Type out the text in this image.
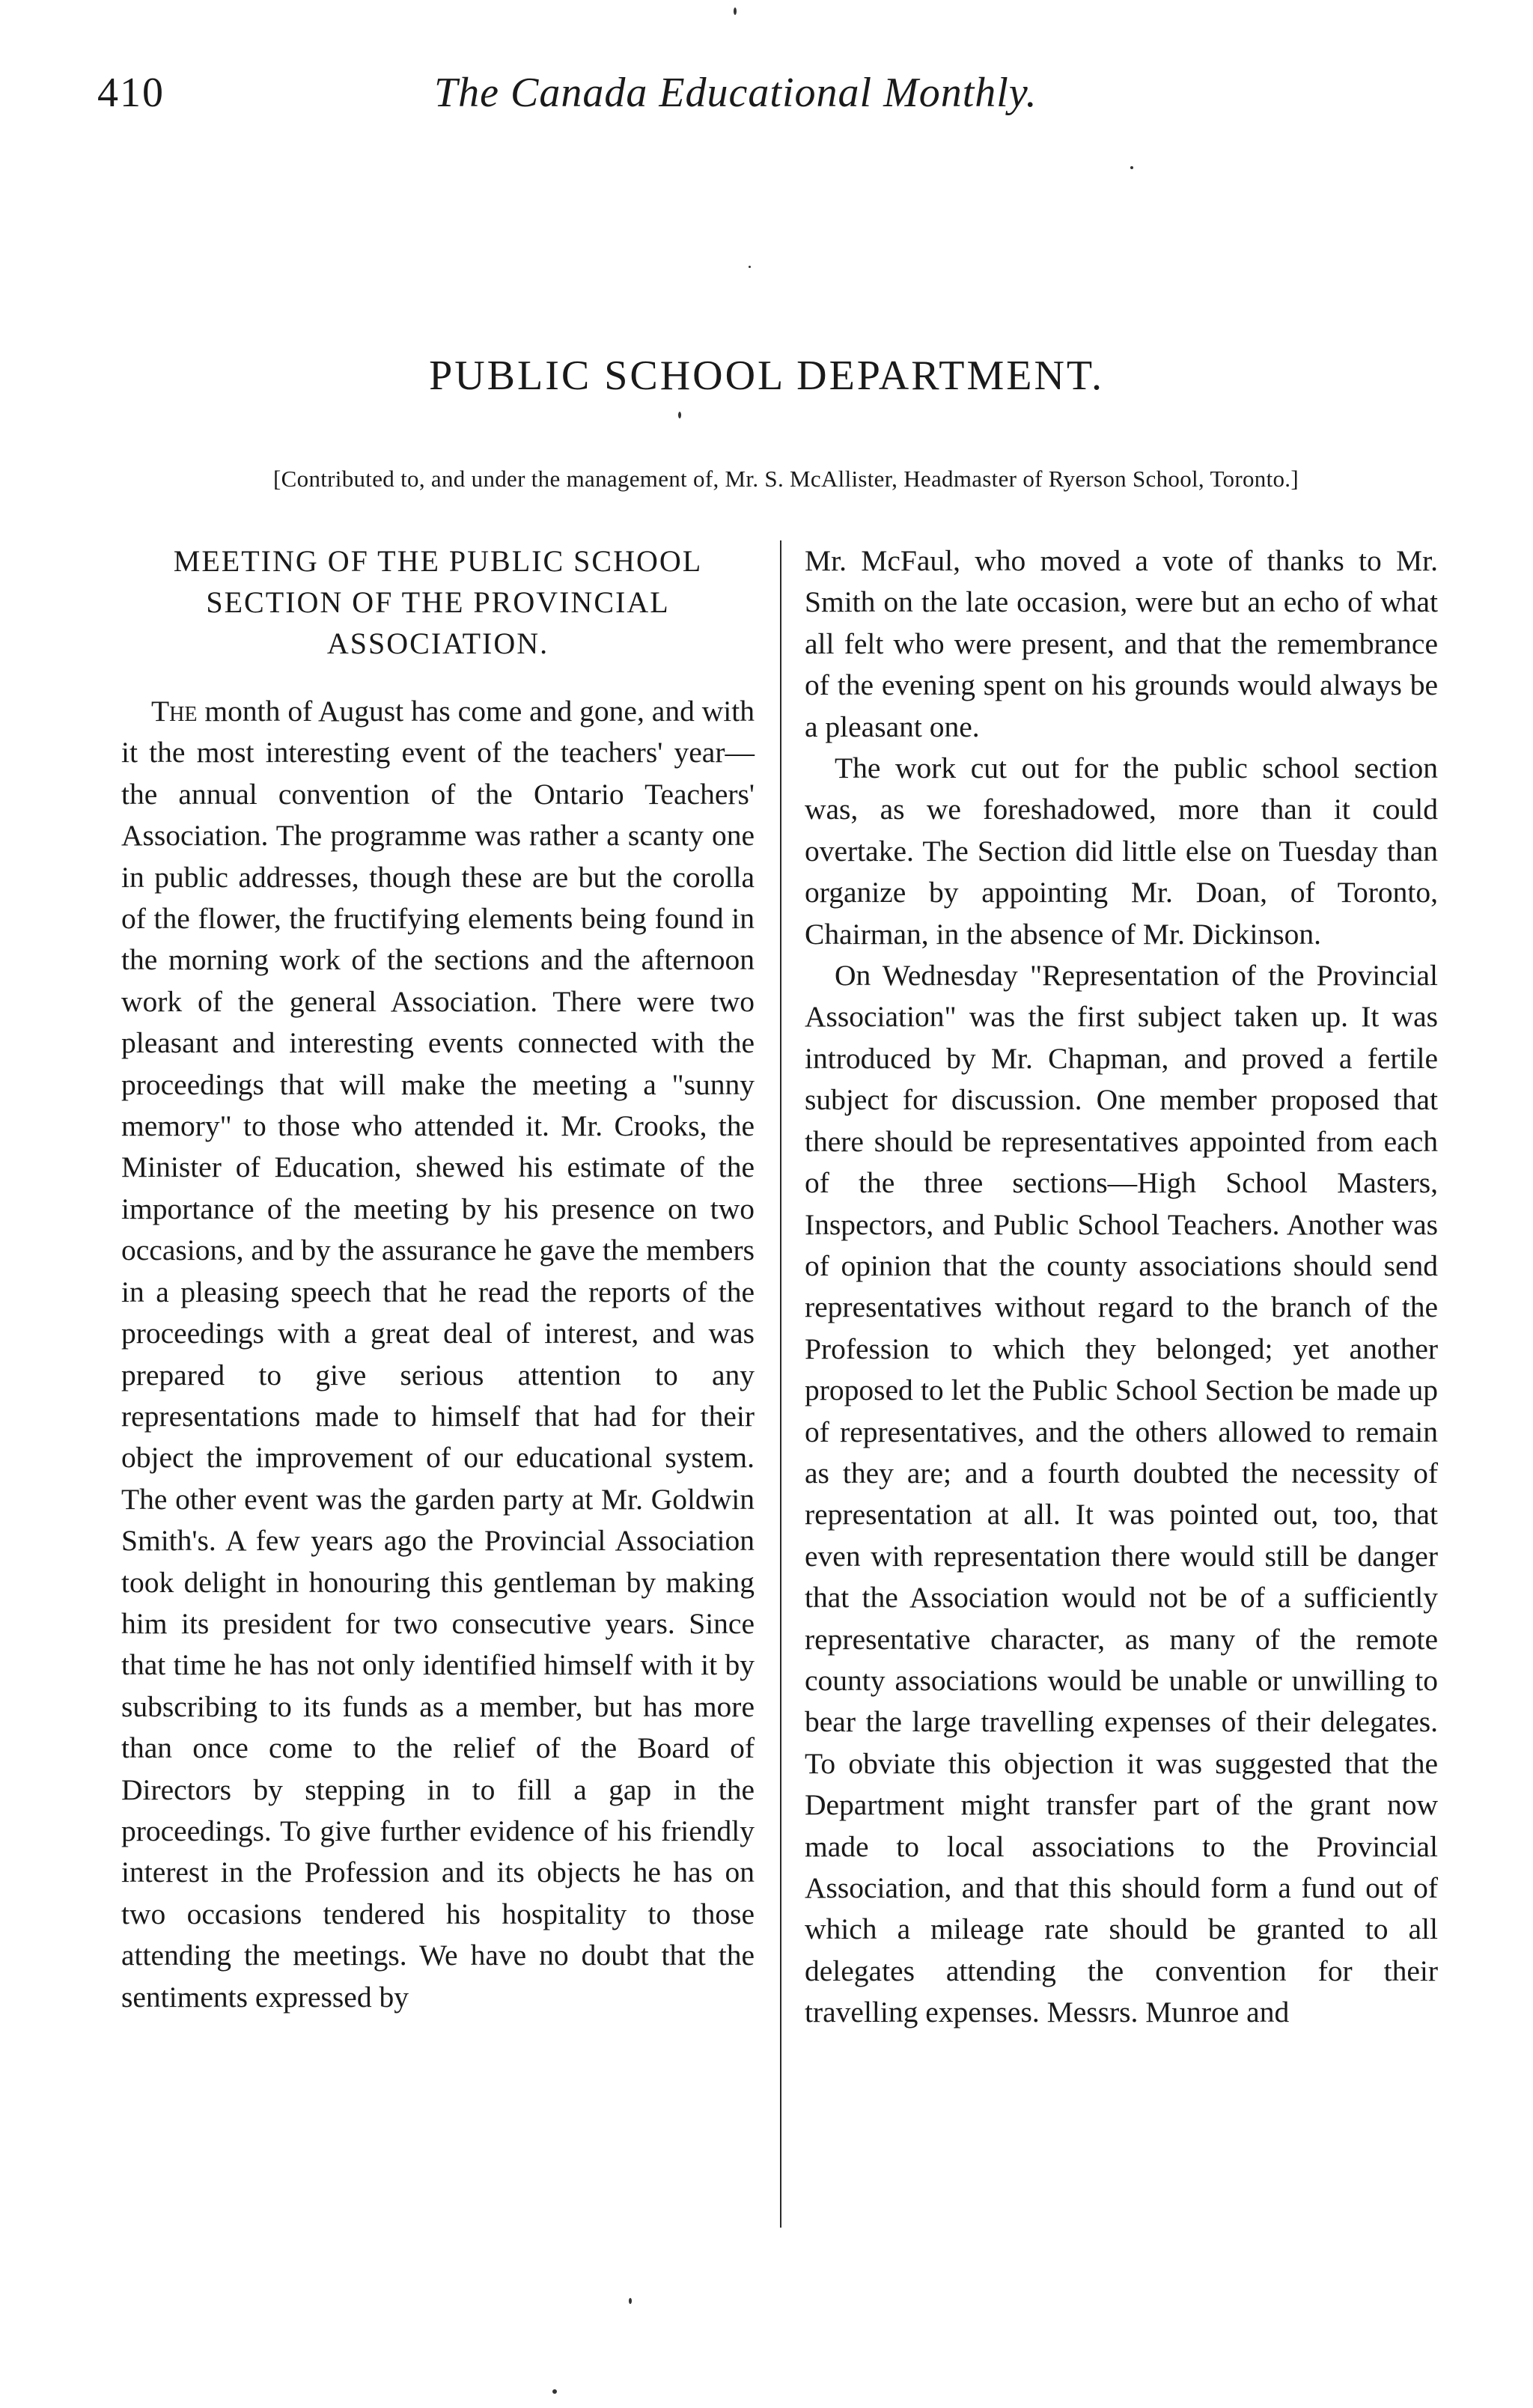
410	The Canada Educational Monthly.
PUBLIC SCHOOL DEPARTMENT.
[Contributed to, and under the management of, Mr. S. McAllister, Headmaster of Ryerson School, Toronto.]
MEETING OF THE PUBLIC SCHOOL SECTION OF THE PROVINCIAL ASSOCIATION.

The month of August has come and gone, and with it the most interesting event of the teachers' year—the annual convention of the Ontario Teachers' Association. The programme was rather a scanty one in public addresses, though these are but the corolla of the flower, the fructifying elements being found in the morning work of the sections and the afternoon work of the general Association. There were two pleasant and interesting events connected with the proceedings that will make the meeting a "sunny memory" to those who attended it. Mr. Crooks, the Minister of Education, shewed his estimate of the importance of the meeting by his presence on two occasions, and by the assurance he gave the members in a pleasing speech that he read the reports of the proceedings with a great deal of interest, and was prepared to give serious attention to any representations made to himself that had for their object the improvement of our educational system. The other event was the garden party at Mr. Goldwin Smith's. A few years ago the Provincial Association took delight in honouring this gentleman by making him its president for two consecutive years. Since that time he has not only identified himself with it by subscribing to its funds as a member, but has more than once come to the relief of the Board of Directors by stepping in to fill a gap in the proceedings. To give further evidence of his friendly interest in the Profession and its objects he has on two occasions tendered his hospitality to those attending the meetings. We have no doubt that the sentiments expressed by

Mr. McFaul, who moved a vote of thanks to Mr. Smith on the late occasion, were but an echo of what all felt who were present, and that the remembrance of the evening spent on his grounds would always be a pleasant one.

The work cut out for the public school section was, as we foreshadowed, more than it could overtake. The Section did little else on Tuesday than organize by appointing Mr. Doan, of Toronto, Chairman, in the absence of Mr. Dickinson.

On Wednesday "Representation of the Provincial Association" was the first subject taken up. It was introduced by Mr. Chapman, and proved a fertile subject for discussion. One member proposed that there should be representatives appointed from each of the three sections—High School Masters, Inspectors, and Public School Teachers. Another was of opinion that the county associations should send representatives without regard to the branch of the Profession to which they belonged; yet another proposed to let the Public School Section be made up of representatives, and the others allowed to remain as they are; and a fourth doubted the necessity of representation at all. It was pointed out, too, that even with representation there would still be danger that the Association would not be of a sufficiently representative character, as many of the remote county associations would be unable or unwilling to bear the large travelling expenses of their delegates. To obviate this objection it was suggested that the Department might transfer part of the grant now made to local associations to the Provincial Association, and that this should form a fund out of which a mileage rate should be granted to all delegates attending the convention for their travelling expenses. Messrs. Munroe and
